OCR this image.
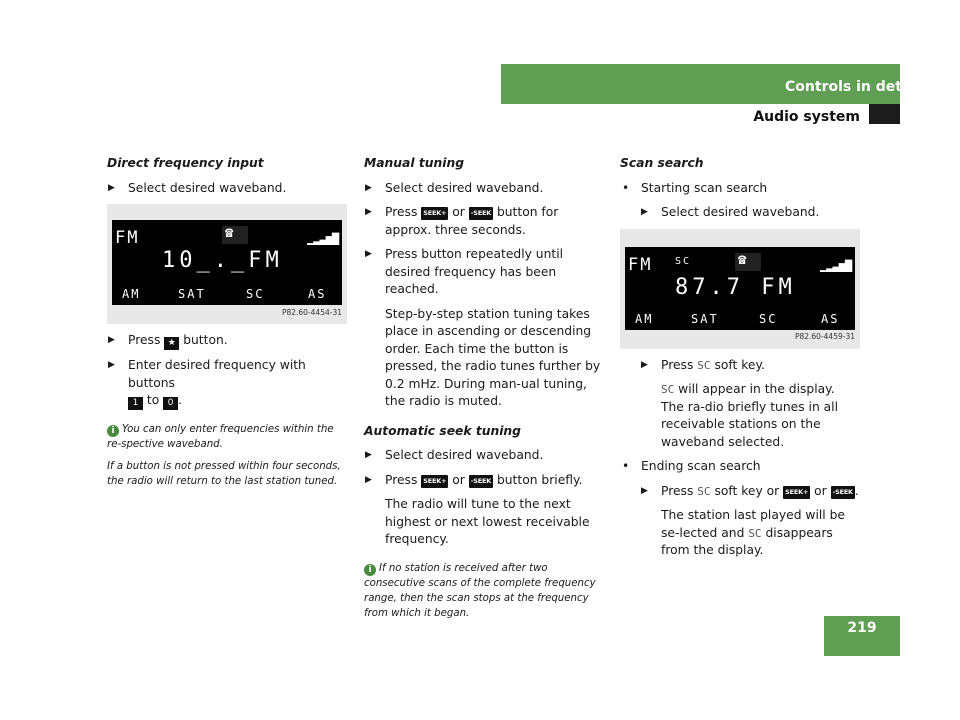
Controls in detail
Audio system
Direct frequency input
▶ Select desired waveband.
FM	☎	▁▂▃▅▇
10_._FM
AM	SAT	SC	AS
P82.60-4454-31
▶ Press ★ button.
▶ Enter desired frequency with buttons
1 to 0 .
i You can only enter frequencies within the re-spective waveband.
If a button is not pressed within four seconds, the radio will return to the last station tuned.
Manual tuning
▶ Select desired waveband.
▶ Press SEEK+ or -SEEK button for approx. three seconds.
▶ Press button repeatedly until desired frequency has been reached.
Step-by-step station tuning takes place in ascending or descending order. Each time the button is pressed, the radio tunes further by 0.2 mHz. During man-ual tuning, the radio is muted.
Automatic seek tuning
▶ Select desired waveband.
▶ Press SEEK+ or -SEEK button briefly.
The radio will tune to the next highest or next lowest receivable frequency.
i If no station is received after two consecutive scans of the complete frequency range, then the scan stops at the frequency from which it began.
Scan search
• Starting scan search
▶ Select desired waveband.
FM SC	☎	▁▂▃▅▇
87.7 FM
AM	SAT	SC	AS
P82.60-4459-31
▶ Press SC soft key.
SC will appear in the display. The ra-dio briefly tunes in all receivable stations on the waveband selected.
• Ending scan search
▶ Press SC soft key or SEEK+ or -SEEK .
The station last played will be se-lected and SC disappears from the display.
219
